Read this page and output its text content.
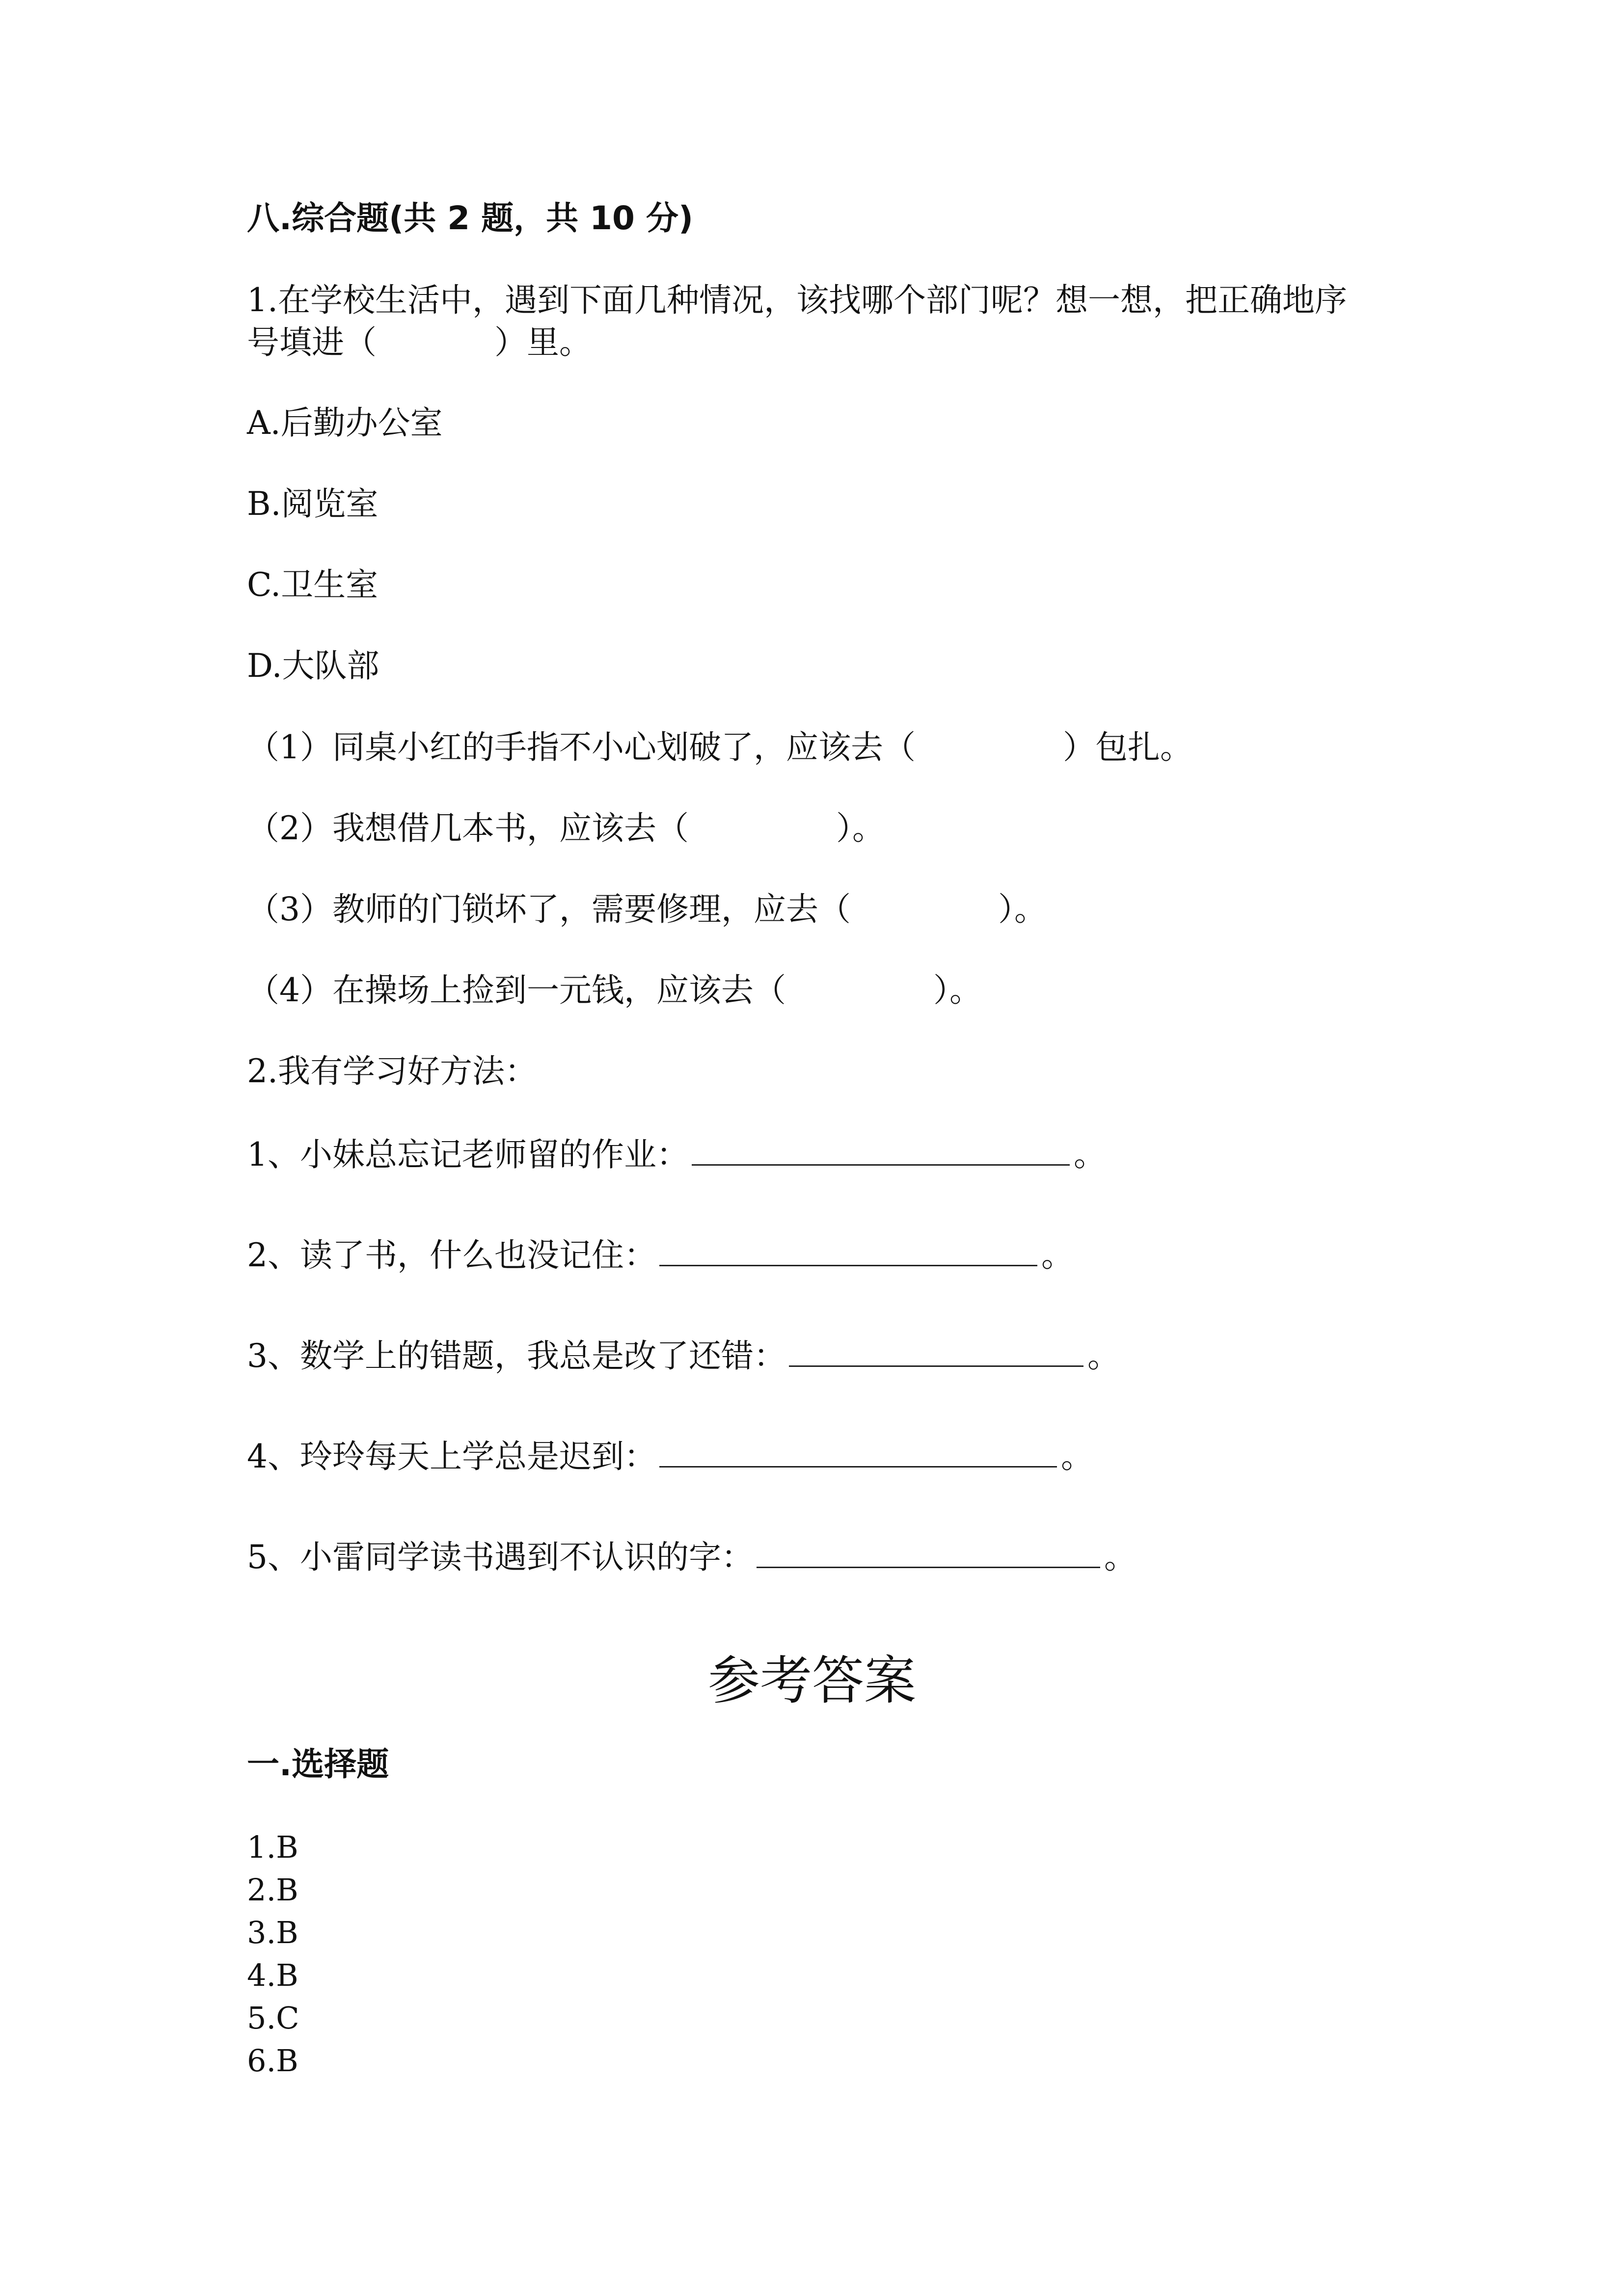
八.综合题(共 2 题，共 10 分)
1.在学校生活中，遇到下面几种情况，该找哪个部门呢？想一想，把正确地序
号填进（	）里。
A.后勤办公室
B.阅览室
C.卫生室
D.大队部
（1）同桌小红的手指不小心划破了，应该去（	）包扎。
（2）我想借几本书，应该去（	）。
（3）教师的门锁坏了，需要修理，应去（	）。
（4）在操场上捡到一元钱，应该去（	）。
2.我有学习好方法：
1、小妹总忘记老师留的作业：	。
2、读了书，什么也没记住：	。
3、数学上的错题，我总是改了还错：	。
4、玲玲每天上学总是迟到：	。
5、小雷同学读书遇到不认识的字：	。
参考答案
一.选择题
1.B
2.B
3.B
4.B
5.C
6.B
